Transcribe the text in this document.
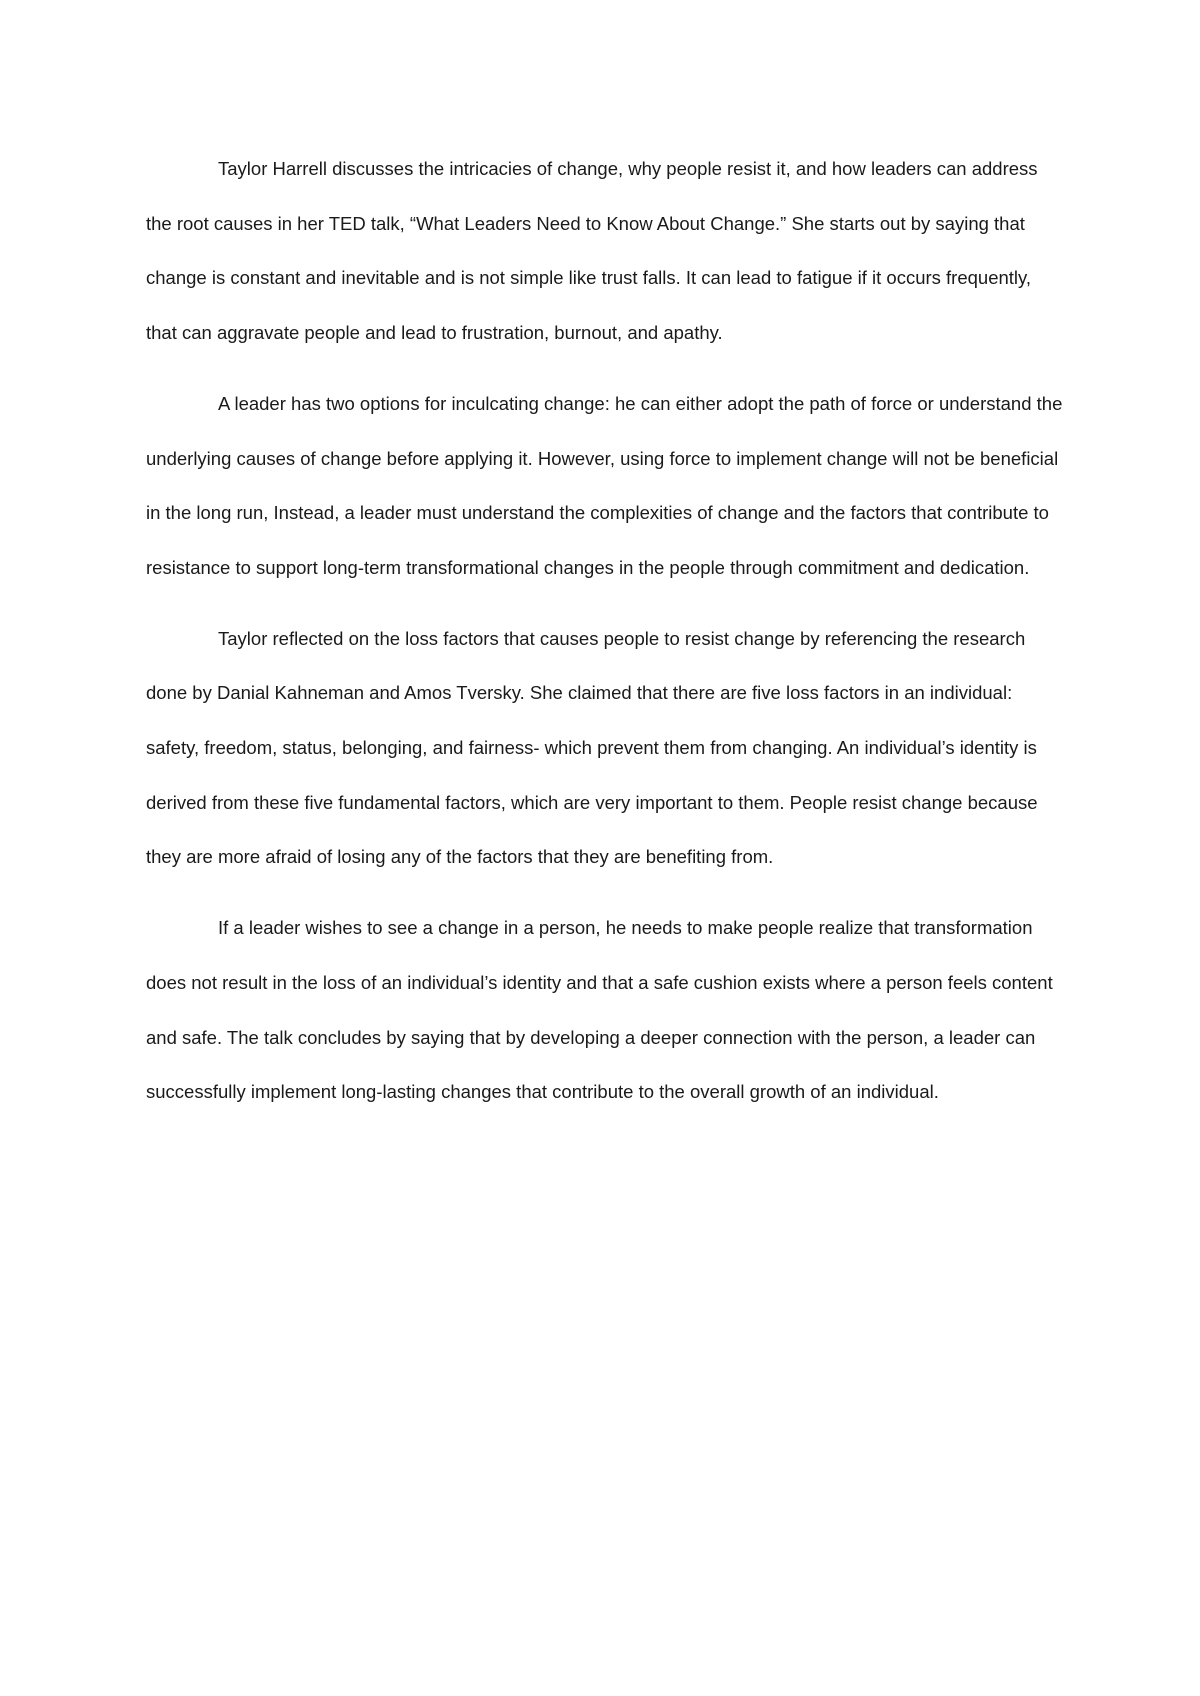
Taylor Harrell discusses the intricacies of change, why people resist it, and how leaders can address the root causes in her TED talk, “What Leaders Need to Know About Change.” She starts out by saying that change is constant and inevitable and is not simple like trust falls. It can lead to fatigue if it occurs frequently, that can aggravate people and lead to frustration, burnout, and apathy.

A leader has two options for inculcating change: he can either adopt the path of force or understand the underlying causes of change before applying it. However, using force to implement change will not be beneficial in the long run, Instead, a leader must understand the complexities of change and the factors that contribute to resistance to support long-term transformational changes in the people through commitment and dedication.

Taylor reflected on the loss factors that causes people to resist change by referencing the research done by Danial Kahneman and Amos Tversky. She claimed that there are five loss factors in an individual: safety, freedom, status, belonging, and fairness- which prevent them from changing. An individual’s identity is derived from these five fundamental factors, which are very important to them. People resist change because they are more afraid of losing any of the factors that they are benefiting from.

If a leader wishes to see a change in a person, he needs to make people realize that transformation does not result in the loss of an individual’s identity and that a safe cushion exists where a person feels content and safe. The talk concludes by saying that by developing a deeper connection with the person, a leader can successfully implement long-lasting changes that contribute to the overall growth of an individual.
